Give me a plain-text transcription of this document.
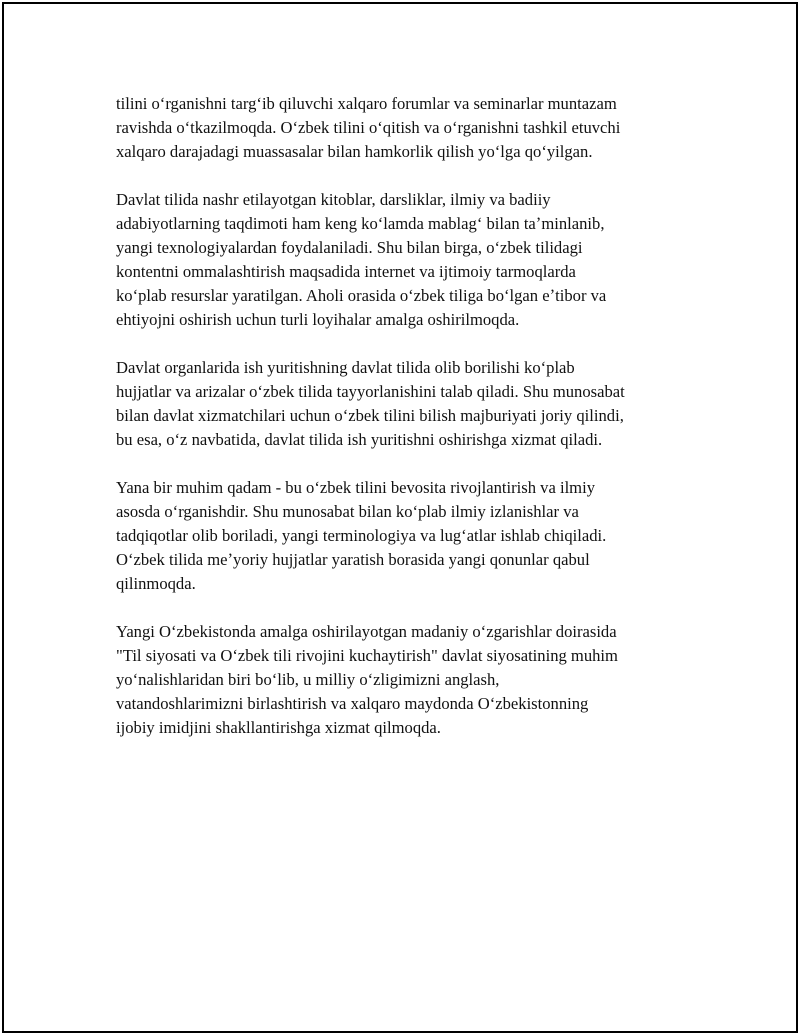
tilini oʻrganishni targʻib qiluvchi xalqaro forumlar va seminarlar muntazam
ravishda oʻtkazilmoqda. Oʻzbek tilini oʻqitish va oʻrganishni tashkil etuvchi
xalqaro darajadagi muassasalar bilan hamkorlik qilish yoʻlga qoʻyilgan.

Davlat tilida nashr etilayotgan kitoblar, darsliklar, ilmiy va badiiy
adabiyotlarning taqdimoti ham keng koʻlamda mablagʻ bilan taʼminlanib,
yangi texnologiyalardan foydalaniladi. Shu bilan birga, oʻzbek tilidagi
kontentni ommalashtirish maqsadida internet va ijtimoiy tarmoqlarda
koʻplab resurslar yaratilgan. Aholi orasida oʻzbek tiliga boʻlgan eʼtibor va
ehtiyojni oshirish uchun turli loyihalar amalga oshirilmoqda.

Davlat organlarida ish yuritishning davlat tilida olib borilishi koʻplab
hujjatlar va arizalar oʻzbek tilida tayyorlanishini talab qiladi. Shu munosabat
bilan davlat xizmatchilari uchun oʻzbek tilini bilish majburiyati joriy qilindi,
bu esa, oʻz navbatida, davlat tilida ish yuritishni oshirishga xizmat qiladi.

Yana bir muhim qadam - bu oʻzbek tilini bevosita rivojlantirish va ilmiy
asosda oʻrganishdir. Shu munosabat bilan koʻplab ilmiy izlanishlar va
tadqiqotlar olib boriladi, yangi terminologiya va lugʻatlar ishlab chiqiladi.
Oʻzbek tilida meʼyoriy hujjatlar yaratish borasida yangi qonunlar qabul
qilinmoqda.

Yangi Oʻzbekistonda amalga oshirilayotgan madaniy oʻzgarishlar doirasida
"Til siyosati va Oʻzbek tili rivojini kuchaytirish" davlat siyosatining muhim
yoʻnalishlaridan biri boʻlib, u milliy oʻzligimizni anglash,
vatandoshlarimizni birlashtirish va xalqaro maydonda Oʻzbekistonning
ijobiy imidjini shakllantirishga xizmat qilmoqda.
